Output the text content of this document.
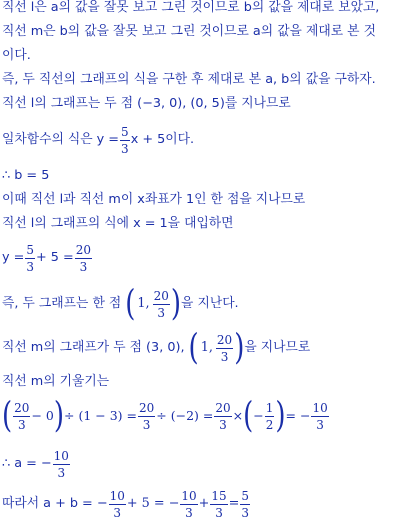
직선 l은 a의 값을 잘못 보고 그린 것이므로 b의 값을 제대로 보았고,
직선 m은 b의 값을 잘못 보고 그린 것이므로 a의 값을 제대로 본 것
이다.
즉, 두 직선의 그래프의 식을 구한 후 제대로 본 a, b의 값을 구하자.
직선 l의 그래프는 두 점 (−3, 0), (0, 5)를 지나므로
일차함수의 식은 $y = \frac{5}{3}$ x + 5이다.
∴ b = 5
이때 직선 l과 직선 m이 x좌표가 1인 한 점을 지나므로
직선 l의 그래프의 식에 x = 1을 대입하면
$y = \frac{5}{3} + 5 = \frac{20}{3}$
즉, 두 그래프는 한 점 ( 1, $\frac{20}{3}$ ) 을 지난다.
직선 m의 그래프가 두 점 (3, 0), ( 1, $\frac{20}{3}$ ) 을 지나므로
직선 m의 기울기는
( $\frac{20}{3} - 0$ ) ÷ $(1 - 3) = \frac{20}{3} \div (-2) = \frac{20}{3}$ × ( − $\frac{1}{2}$ ) = − $\frac{10}{3}$
∴ a = − $\frac{10}{3}$
따라서 a + b = − $\frac{10}{3} + 5$ = − $\frac{10}{3} + \frac{15}{3} = \frac{5}{3}$
